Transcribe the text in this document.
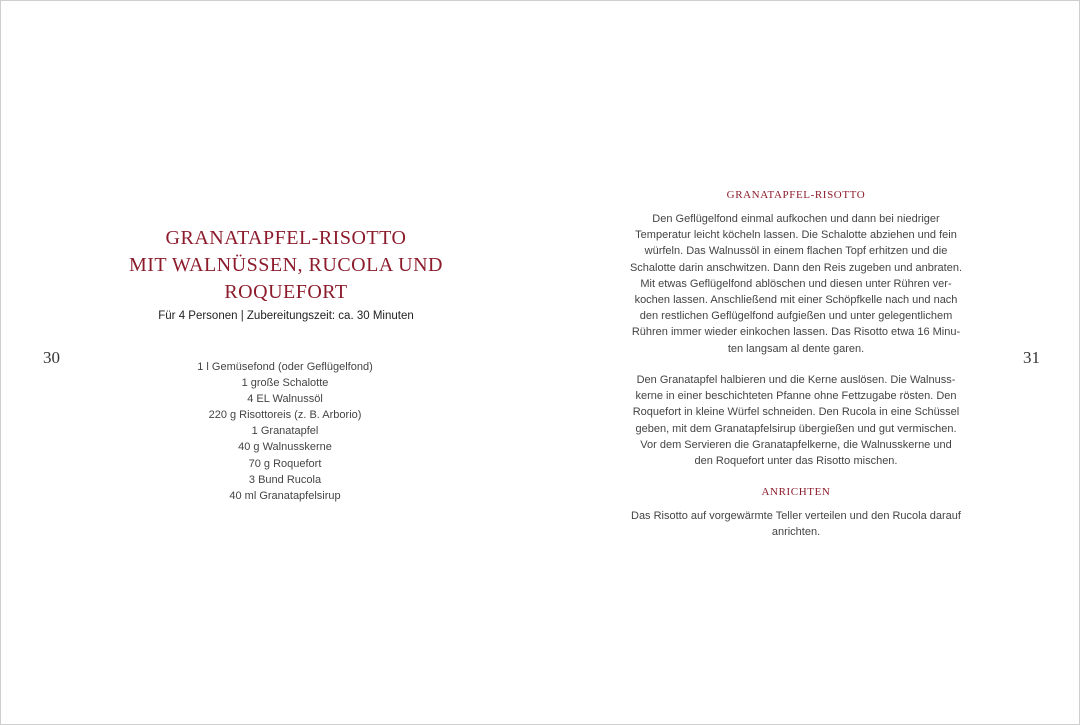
30	31
GRANATAPFEL-RISOTTO
MIT WALNÜSSEN, RUCOLA UND
ROQUEFORT

Für 4 Personen | Zubereitungszeit: ca. 30 Minuten

1 l Gemüsefond (oder Geflügelfond)
1 große Schalotte
4 EL Walnussöl
220 g Risottoreis (z. B. Arborio)
1 Granatapfel
40 g Walnusskerne
70 g Roquefort
3 Bund Rucola
40 ml Granatapfelsirup
GRANATAPFEL-RISOTTO

Den Geflügelfond einmal aufkochen und dann bei niedriger
Temperatur leicht köcheln lassen. Die Schalotte abziehen und fein
würfeln. Das Walnussöl in einem flachen Topf erhitzen und die
Schalotte darin anschwitzen. Dann den Reis zugeben und anbraten.
Mit etwas Geflügelfond ablöschen und diesen unter Rühren ver-
kochen lassen. Anschließend mit einer Schöpfkelle nach und nach
den restlichen Geflügelfond aufgießen und unter gelegentlichem
Rühren immer wieder einkochen lassen. Das Risotto etwa 16 Minu-
ten langsam al dente garen.

Den Granatapfel halbieren und die Kerne auslösen. Die Walnuss-
kerne in einer beschichteten Pfanne ohne Fettzugabe rösten. Den
Roquefort in kleine Würfel schneiden. Den Rucola in eine Schüssel
geben, mit dem Granatapfelsirup übergießen und gut vermischen.
Vor dem Servieren die Granatapfelkerne, die Walnusskerne und
den Roquefort unter das Risotto mischen.

ANRICHTEN

Das Risotto auf vorgewärmte Teller verteilen und den Rucola darauf
anrichten.
